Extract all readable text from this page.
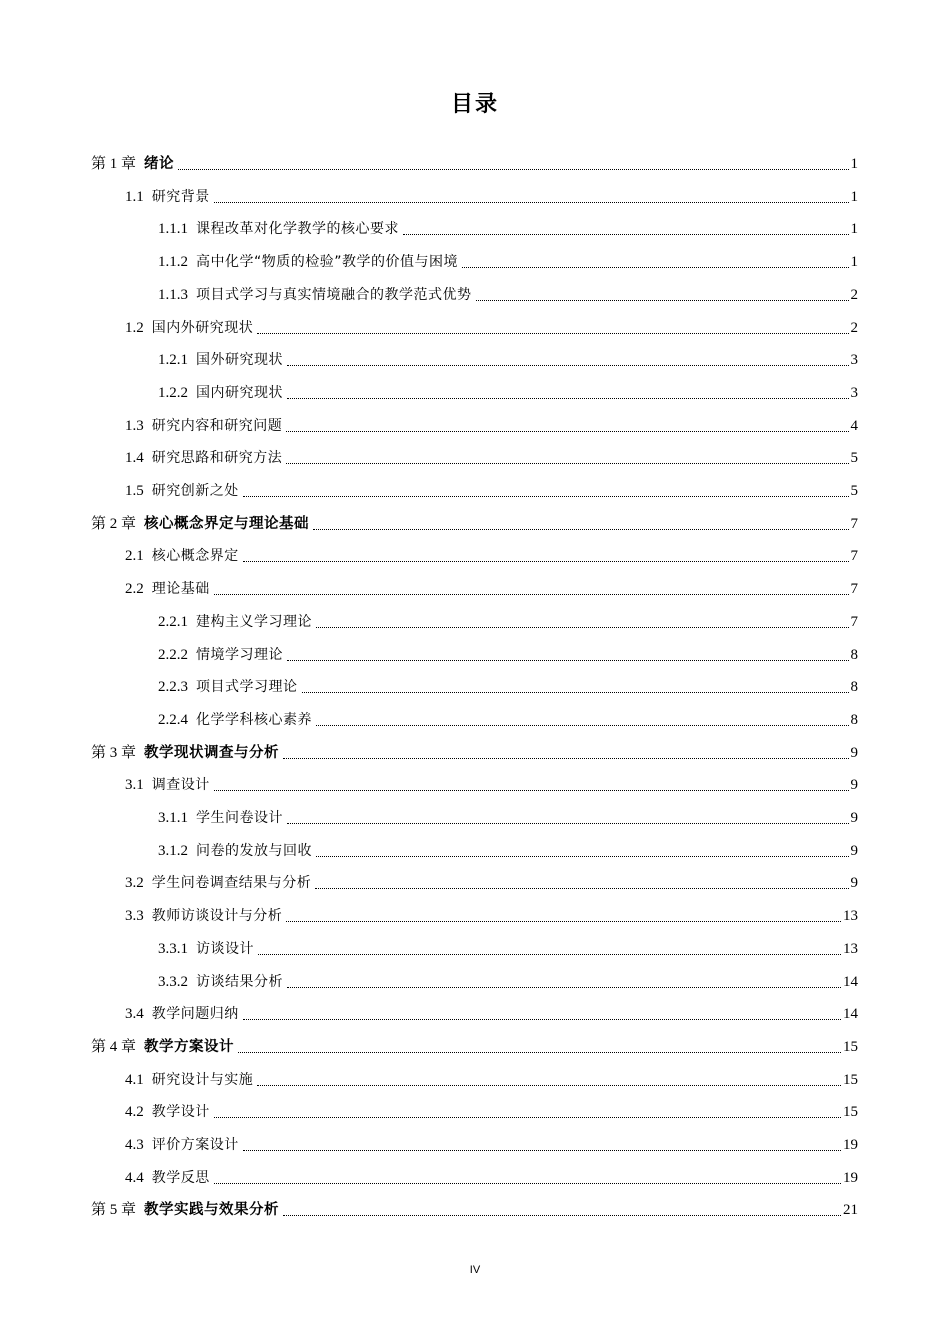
目录
第 1 章 绪论	1
1.1 研究背景	1
1.1.1 课程改革对化学教学的核心要求	1
1.1.2 高中化学“物质的检验”教学的价值与困境	1
1.1.3 项目式学习与真实情境融合的教学范式优势	2
1.2 国内外研究现状	2
1.2.1 国外研究现状	3
1.2.2 国内研究现状	3
1.3 研究内容和研究问题	4
1.4 研究思路和研究方法	5
1.5 研究创新之处	5
第 2 章 核心概念界定与理论基础	7
2.1 核心概念界定	7
2.2 理论基础	7
2.2.1 建构主义学习理论	7
2.2.2 情境学习理论	8
2.2.3 项目式学习理论	8
2.2.4 化学学科核心素养	8
第 3 章 教学现状调查与分析	9
3.1 调查设计	9
3.1.1 学生问卷设计	9
3.1.2 问卷的发放与回收	9
3.2 学生问卷调查结果与分析	9
3.3 教师访谈设计与分析	13
3.3.1 访谈设计	13
3.3.2 访谈结果分析	14
3.4 教学问题归纳	14
第 4 章 教学方案设计	15
4.1 研究设计与实施	15
4.2 教学设计	15
4.3 评价方案设计	19
4.4 教学反思	19
第 5 章 教学实践与效果分析	21
IV
